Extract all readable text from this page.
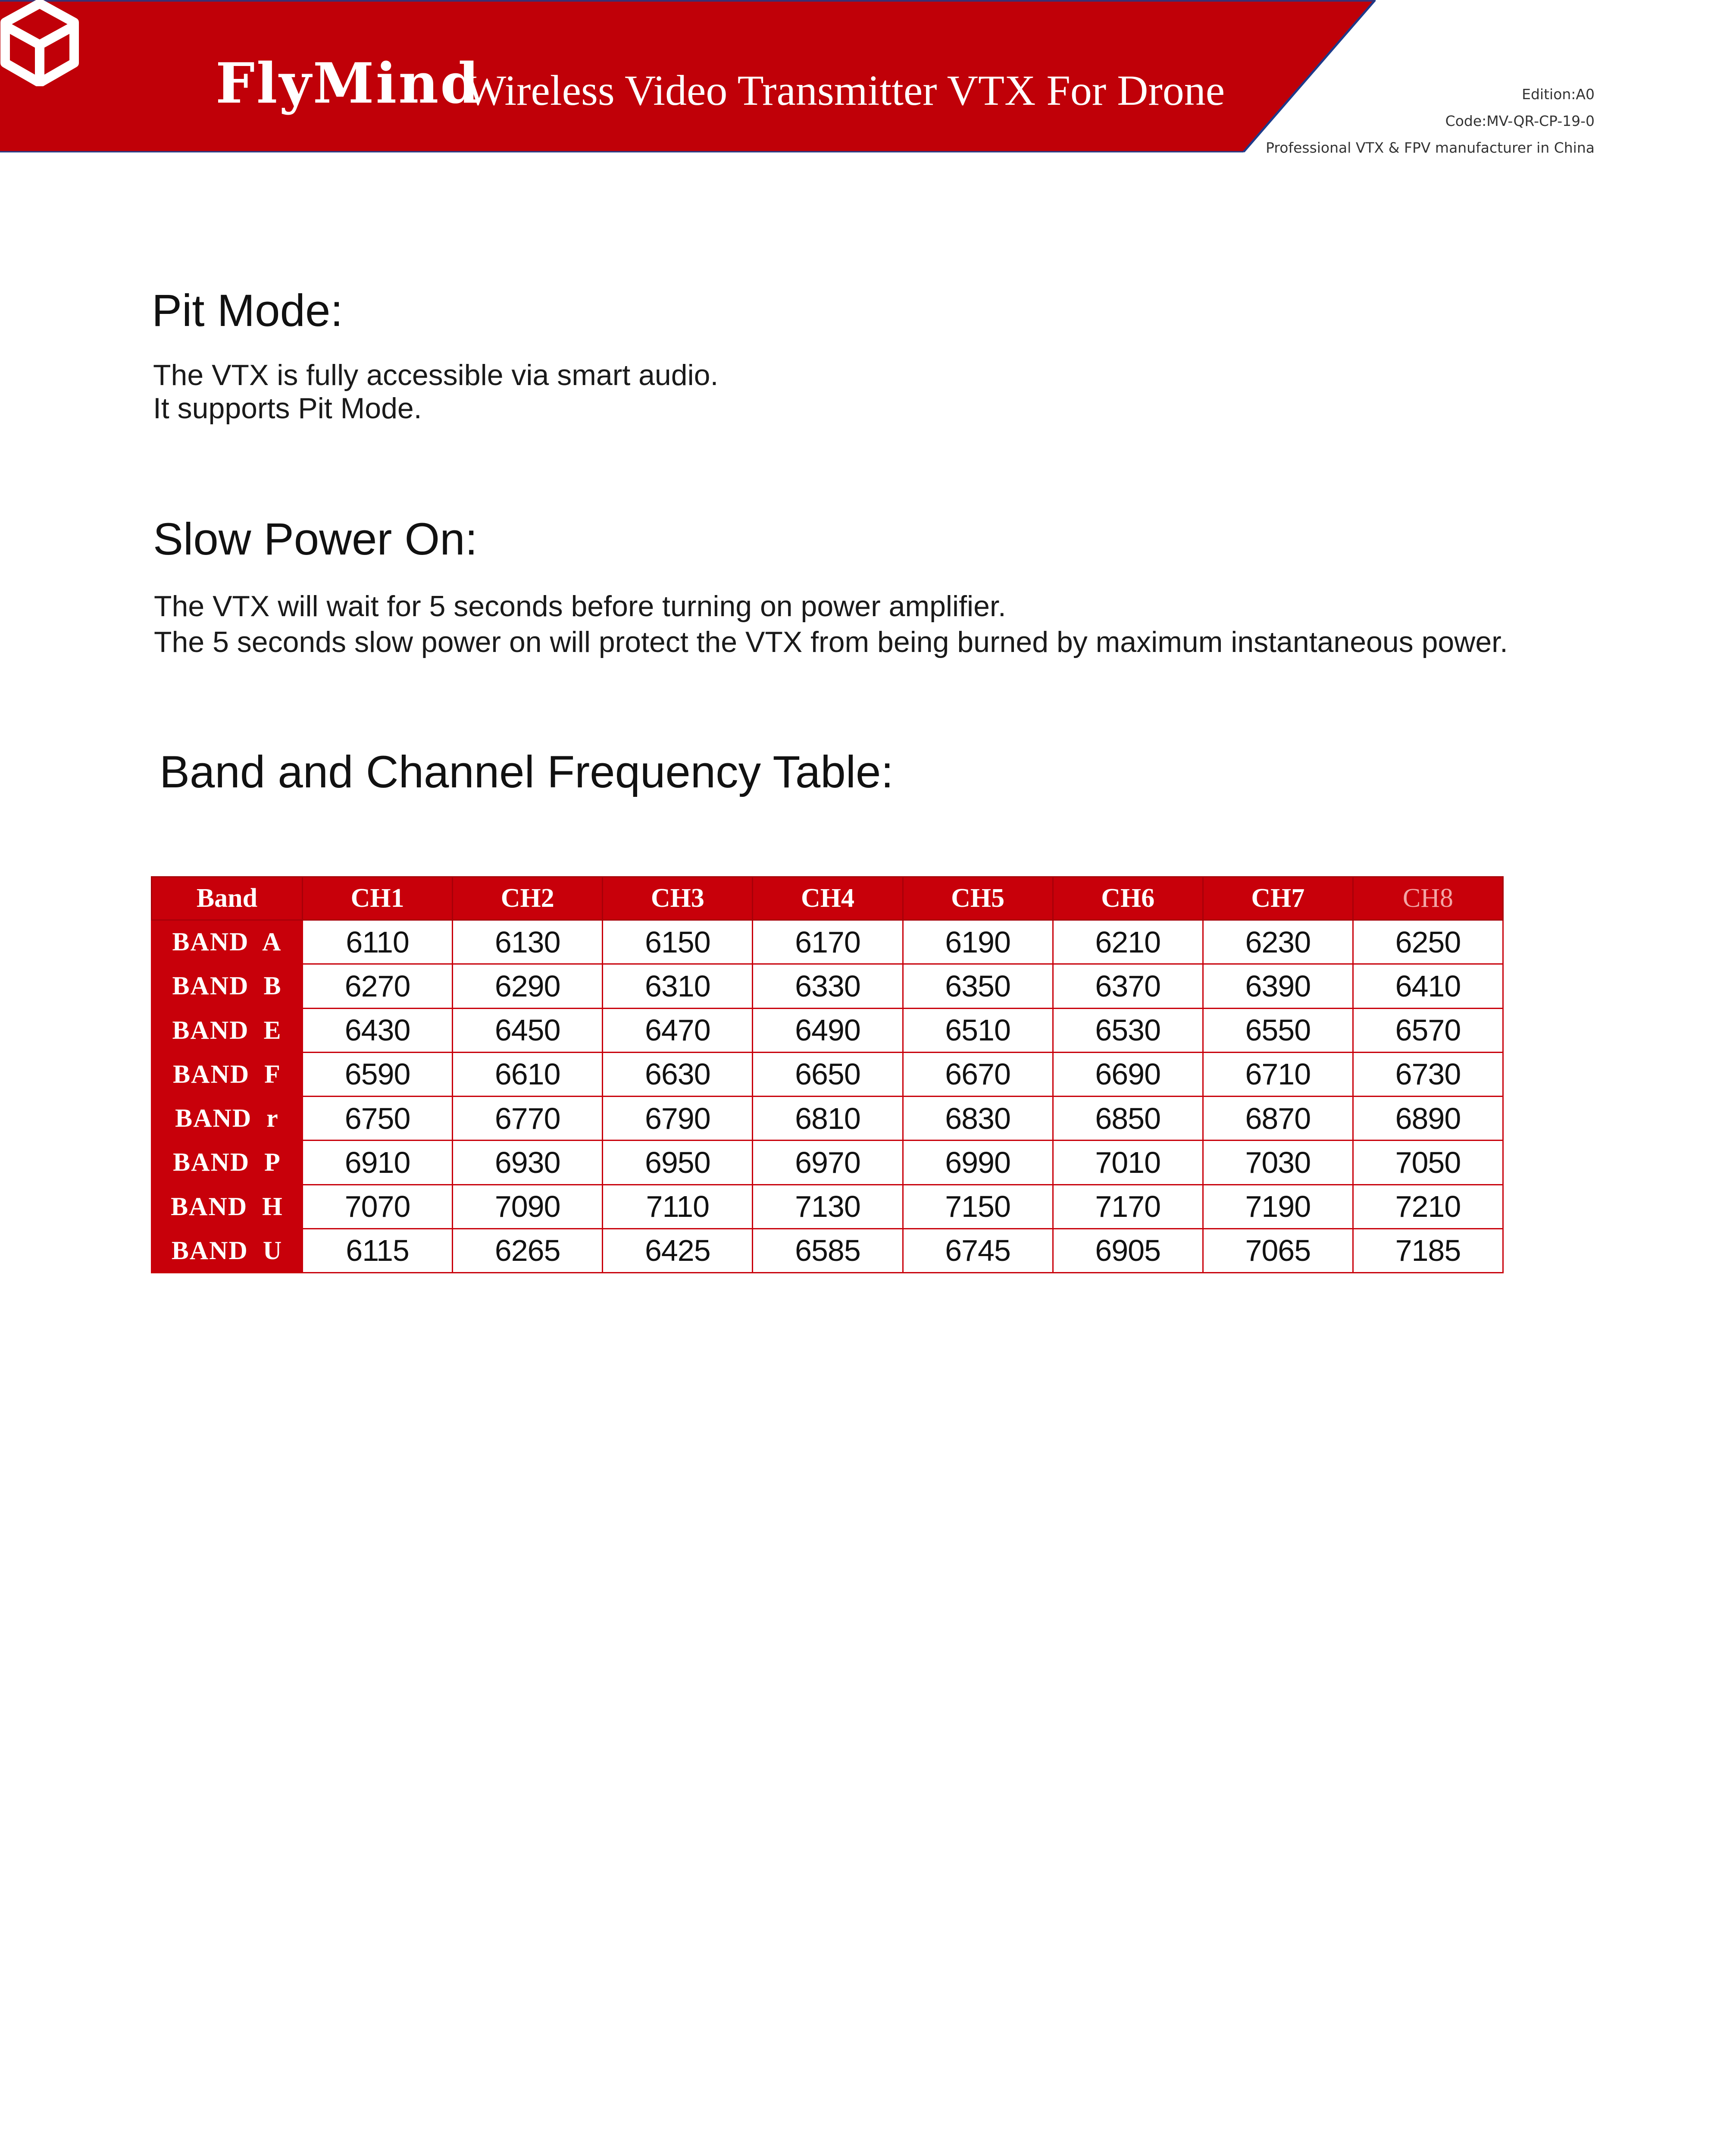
FlyMind
Wireless Video Transmitter VTX For Drone	Edition:A0
Code:MV-QR-CP-19-0
Professional VTX & FPV manufacturer in China
Pit Mode:
The VTX is fully accessible via smart audio.
It supports Pit Mode.
Slow Power On:
The VTX will wait for 5 seconds before turning on power amplifier.
The 5 seconds slow power on will protect the VTX from being burned by maximum instantaneous power.
Band and Channel Frequency Table:
Band	CH1	CH2	CH3	CH4	CH5	CH6	CH7	CH8
BAND  A	6110	6130	6150	6170	6190	6210	6230	6250
BAND  B	6270	6290	6310	6330	6350	6370	6390	6410
BAND  E	6430	6450	6470	6490	6510	6530	6550	6570
BAND  F	6590	6610	6630	6650	6670	6690	6710	6730
BAND  r	6750	6770	6790	6810	6830	6850	6870	6890
BAND  P	6910	6930	6950	6970	6990	7010	7030	7050
BAND  H	7070	7090	7110	7130	7150	7170	7190	7210
BAND  U	6115	6265	6425	6585	6745	6905	7065	7185
